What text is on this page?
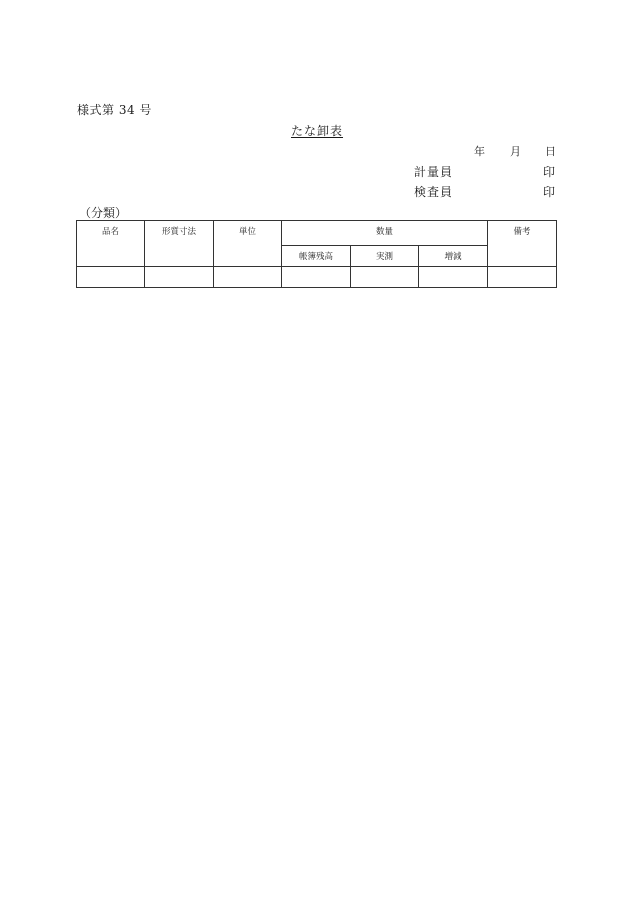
様式第 34 号
たな卸表
年 月 日
計量員	印
検査員	印
（分類）
品名	形質寸法	単位	数量			備考
			帳簿残高	実測	増減	
